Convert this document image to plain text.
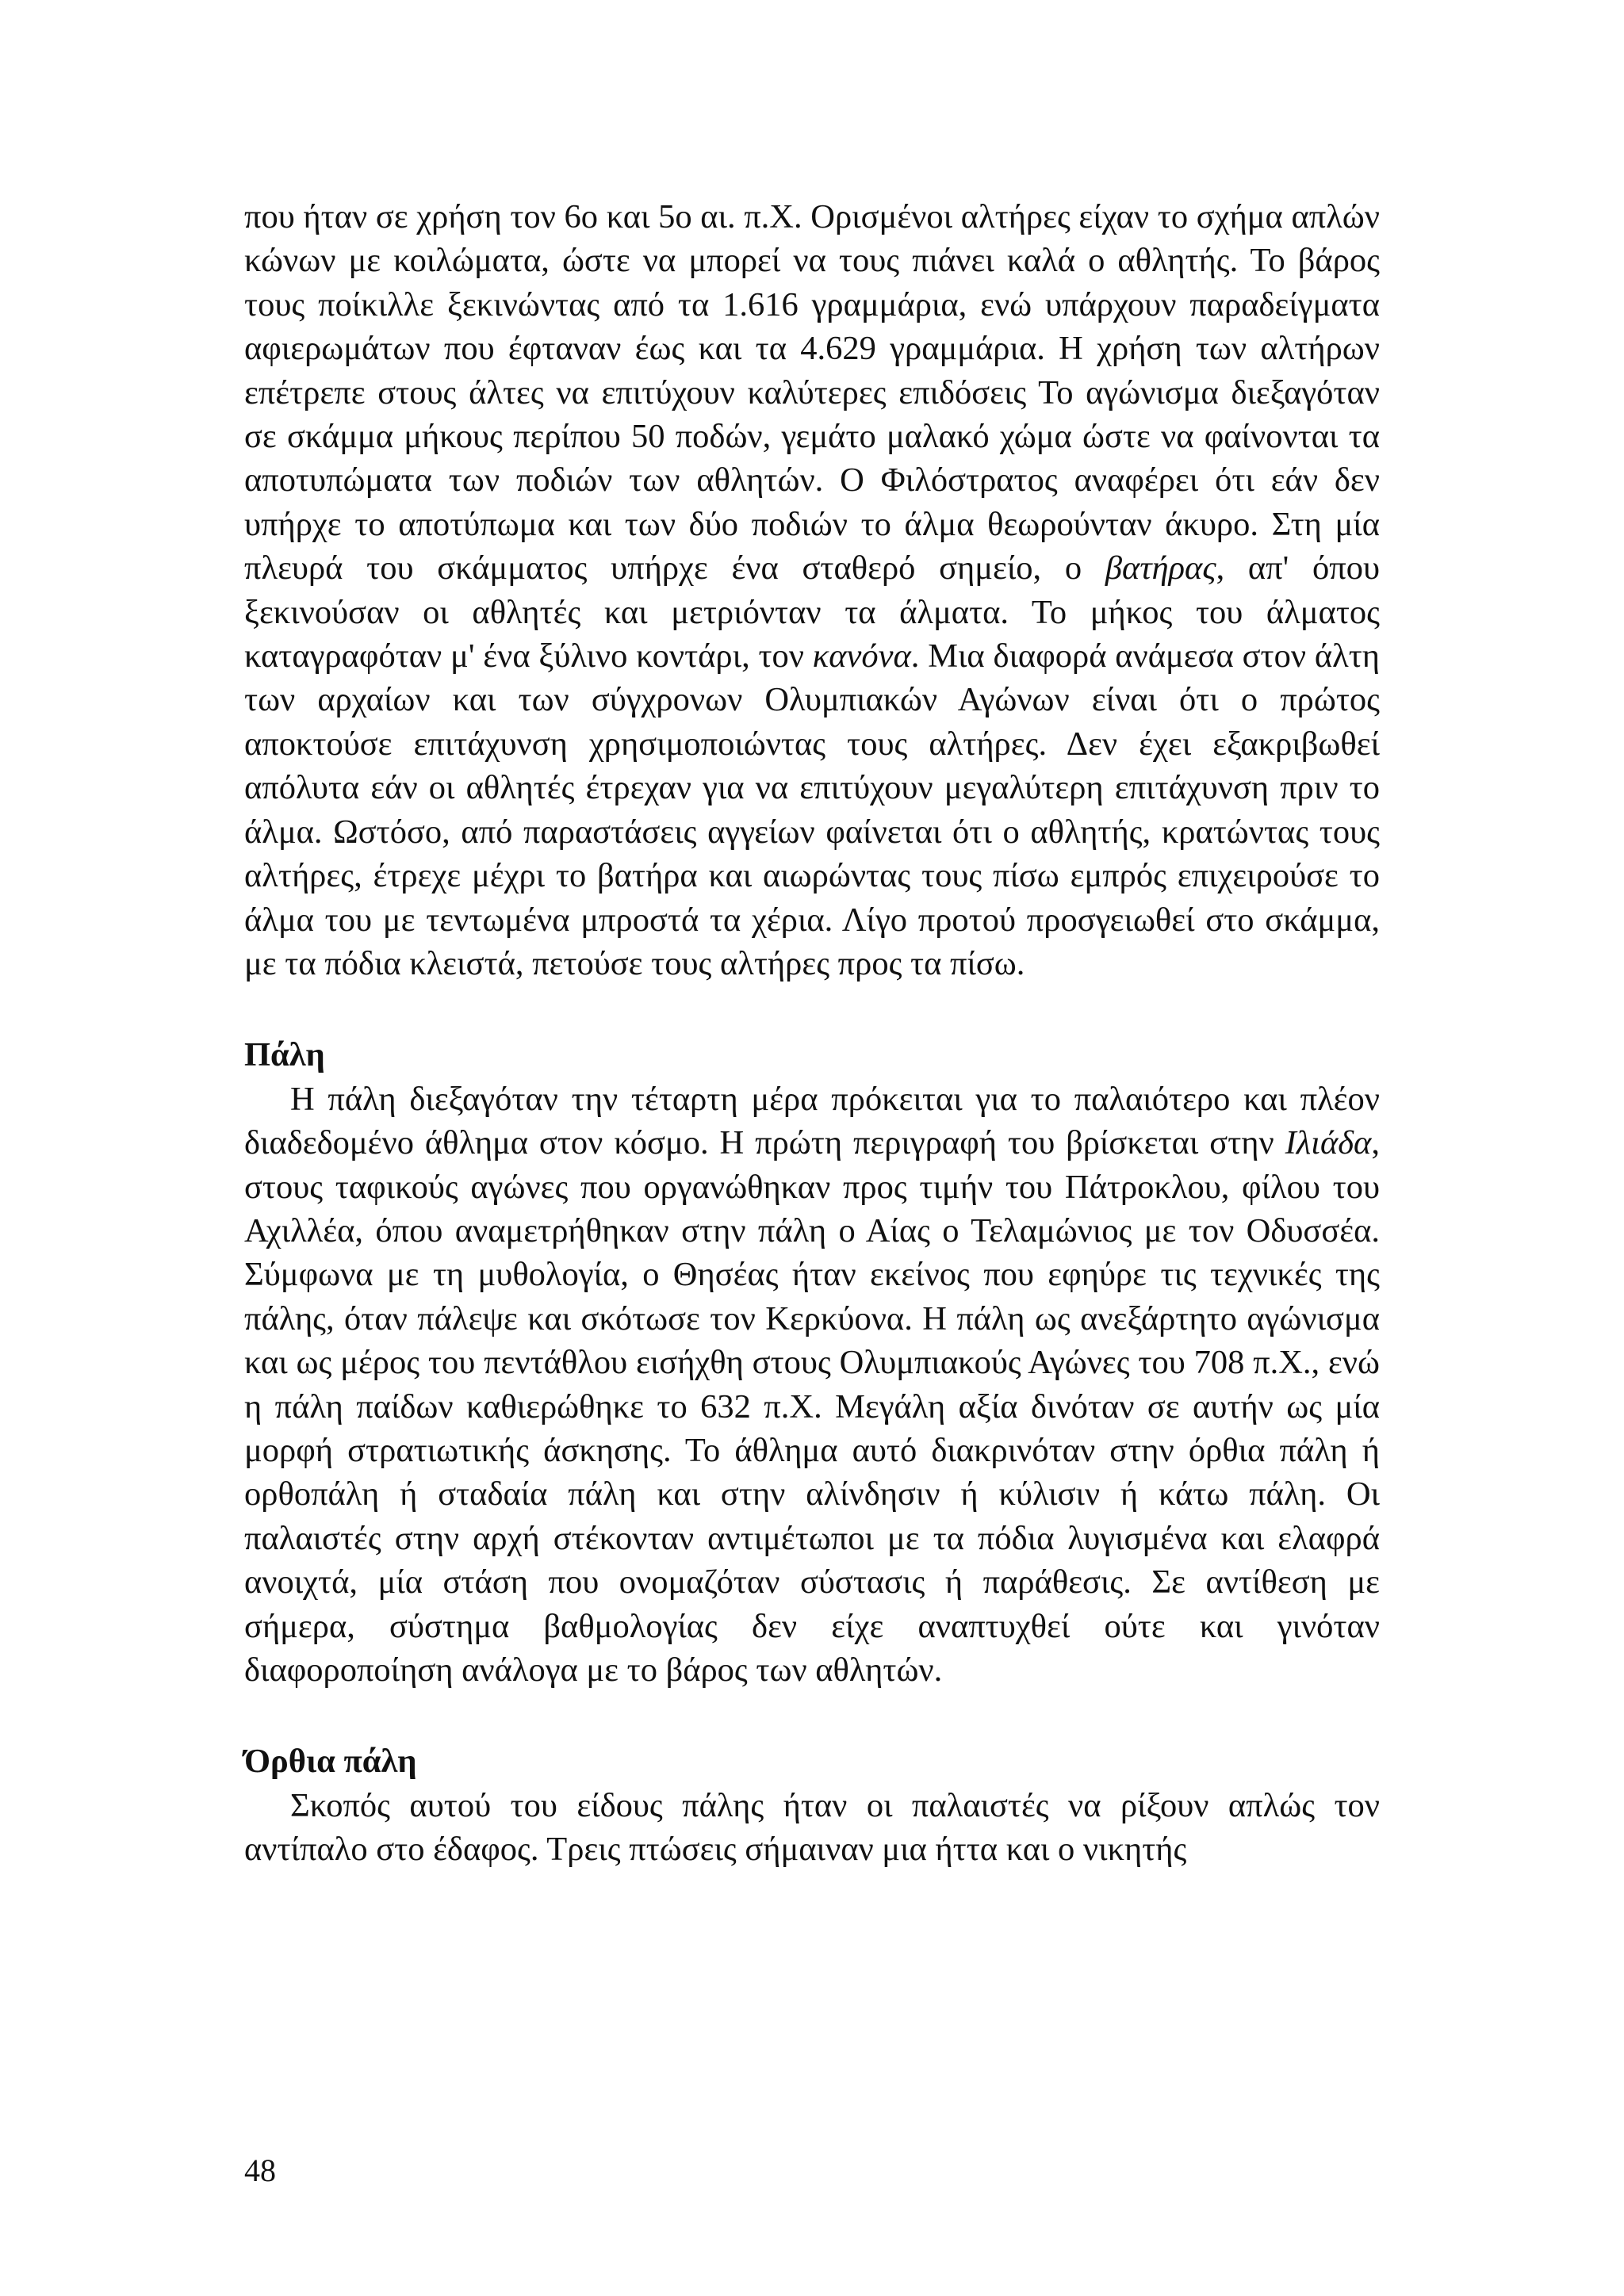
που ήταν σε χρήση τον 6ο και 5ο αι. π.Χ. Ορισμένοι αλτήρες είχαν το σχήμα απλών κώνων με κοιλώματα, ώστε να μπορεί να τους πιάνει καλά ο αθλητής. Το βάρος τους ποίκιλλε ξεκινώντας από τα 1.616 γραμμάρια, ενώ υπάρχουν παραδείγματα αφιερωμάτων που έφταναν έως και τα 4.629 γραμμάρια. Η χρήση των αλτήρων επέτρεπε στους άλτες να επιτύχουν καλύτερες επιδόσεις Το αγώνισμα διεξαγόταν σε σκάμμα μήκους περίπου 50 ποδών, γεμάτο μαλακό χώμα ώστε να φαίνονται τα αποτυπώματα των ποδιών των αθλητών. Ο Φιλόστρατος αναφέρει ότι εάν δεν υπήρχε το αποτύπωμα και των δύο ποδιών το άλμα θεωρούνταν άκυρο. Στη μία πλευρά του σκάμματος υπήρχε ένα σταθερό σημείο, ο βατήρας, απ' όπου ξεκινούσαν οι αθλητές και μετριόνταν τα άλματα. Το μήκος του άλματος καταγραφόταν μ' ένα ξύλινο κοντάρι, τον κανόνα. Μια διαφορά ανάμεσα στον άλτη των αρχαίων και των σύγχρονων Ολυμπιακών Αγώνων είναι ότι ο πρώτος αποκτούσε επιτάχυνση χρησιμοποιώντας τους αλτήρες. Δεν έχει εξακριβωθεί απόλυτα εάν οι αθλητές έτρεχαν για να επιτύχουν μεγαλύτερη επιτάχυνση πριν το άλμα. Ωστόσο, από παραστάσεις αγγείων φαίνεται ότι ο αθλητής, κρατώντας τους αλτήρες, έτρεχε μέχρι το βατήρα και αιωρώντας τους πίσω εμπρός επιχειρούσε το άλμα του με τεντωμένα μπροστά τα χέρια. Λίγο προτού προσγειωθεί στο σκάμμα, με τα πόδια κλειστά, πετούσε τους αλτήρες προς τα πίσω.

Πάλη

Η πάλη διεξαγόταν την τέταρτη μέρα πρόκειται για το παλαιότερο και πλέον διαδεδομένο άθλημα στον κόσμο. Η πρώτη περιγραφή του βρίσκεται στην Ιλιάδα, στους ταφικούς αγώνες που οργανώθηκαν προς τιμήν του Πάτροκλου, φίλου του Αχιλλέα, όπου αναμετρήθηκαν στην πάλη ο Αίας ο Τελαμώνιος με τον Οδυσσέα. Σύμφωνα με τη μυθολογία, ο Θησέας ήταν εκείνος που εφηύρε τις τεχνικές της πάλης, όταν πάλεψε και σκότωσε τον Κερκύονα. Η πάλη ως ανεξάρτητο αγώνισμα και ως μέρος του πεντάθλου εισήχθη στους Ολυμπιακούς Αγώνες του 708 π.Χ., ενώ η πάλη παίδων καθιερώθηκε το 632 π.Χ. Μεγάλη αξία δινόταν σε αυτήν ως μία μορφή στρατιωτικής άσκησης. Το άθλημα αυτό διακρινόταν στην όρθια πάλη ή ορθοπάλη ή σταδαία πάλη και στην αλίνδησιν ή κύλισιν ή κάτω πάλη. Οι παλαιστές στην αρχή στέκονταν αντιμέτωποι με τα πόδια λυγισμένα και ελαφρά ανοιχτά, μία στάση που ονομαζόταν σύστασις ή παράθεσις. Σε αντίθεση με σήμερα, σύστημα βαθμολογίας δεν είχε αναπτυχθεί ούτε και γινόταν διαφοροποίηση ανάλογα με το βάρος των αθλητών.

Όρθια πάλη

Σκοπός αυτού του είδους πάλης ήταν οι παλαιστές να ρίξουν απλώς τον αντίπαλο στο έδαφος. Τρεις πτώσεις σήμαιναν μια ήττα και ο νικητής

48
